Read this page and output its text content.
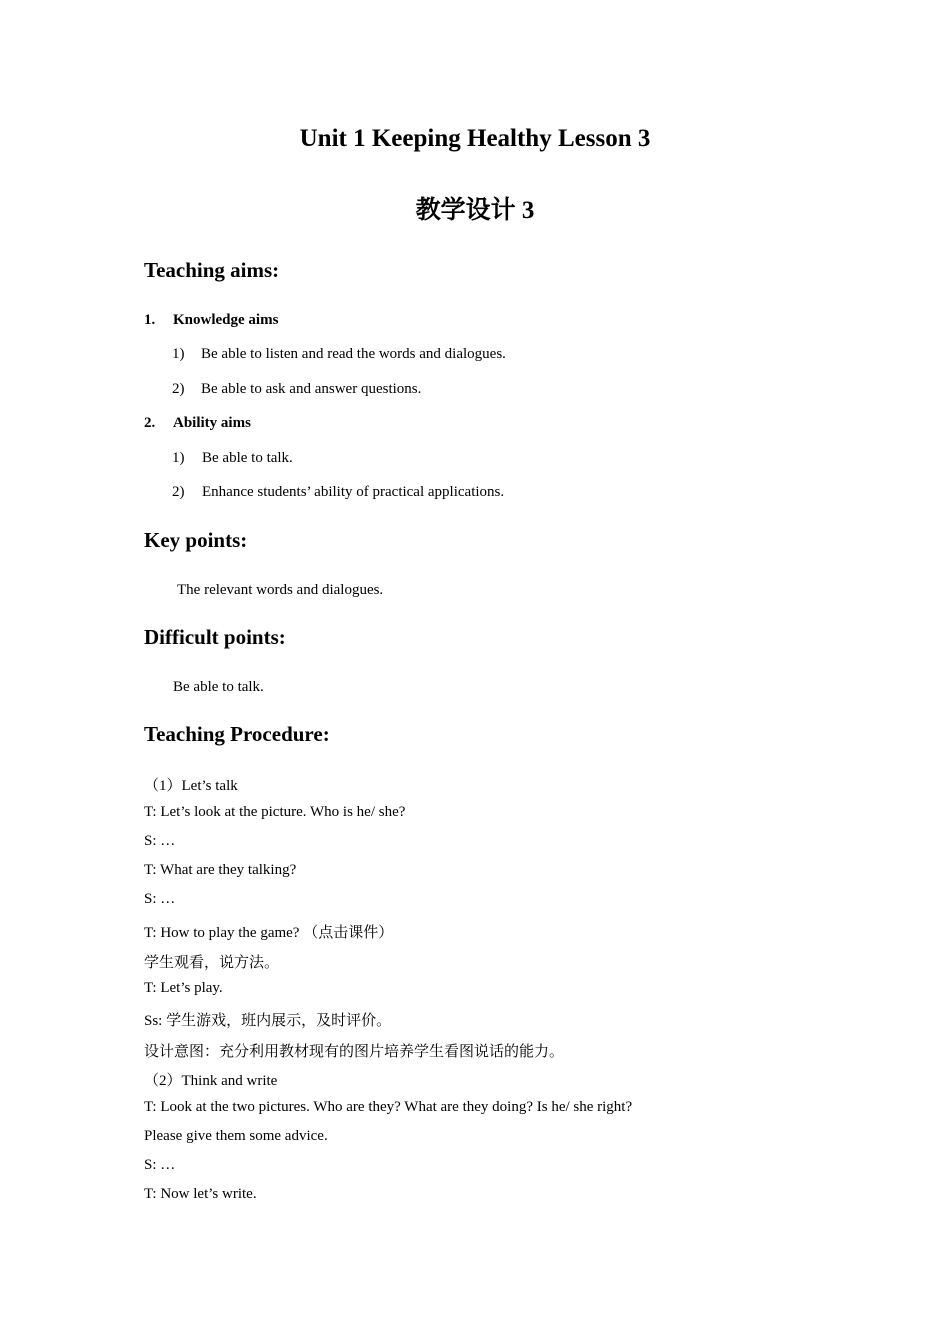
Unit 1 Keeping Healthy Lesson 3
教学设计 3
Teaching aims:
1. Knowledge aims
1) Be able to listen and read the words and dialogues.
2) Be able to ask and answer questions.
2. Ability aims
1) Be able to talk.
2) Enhance students’ ability of practical applications.
Key points:
The relevant words and dialogues.
Difficult points:
Be able to talk.
Teaching Procedure:
（1）Let’s talk
T: Let’s look at the picture. Who is he/ she?
S: …
T: What are they talking?
S: …
T: How to play the game? （点击课件）
学生观看，说方法。
T: Let’s play.
Ss: 学生游戏，班内展示，及时评价。
设计意图：充分利用教材现有的图片培养学生看图说话的能力。
（2）Think and write
T: Look at the two pictures. Who are they? What are they doing? Is he/ she right?
Please give them some advice.
S: …
T: Now let’s write.
